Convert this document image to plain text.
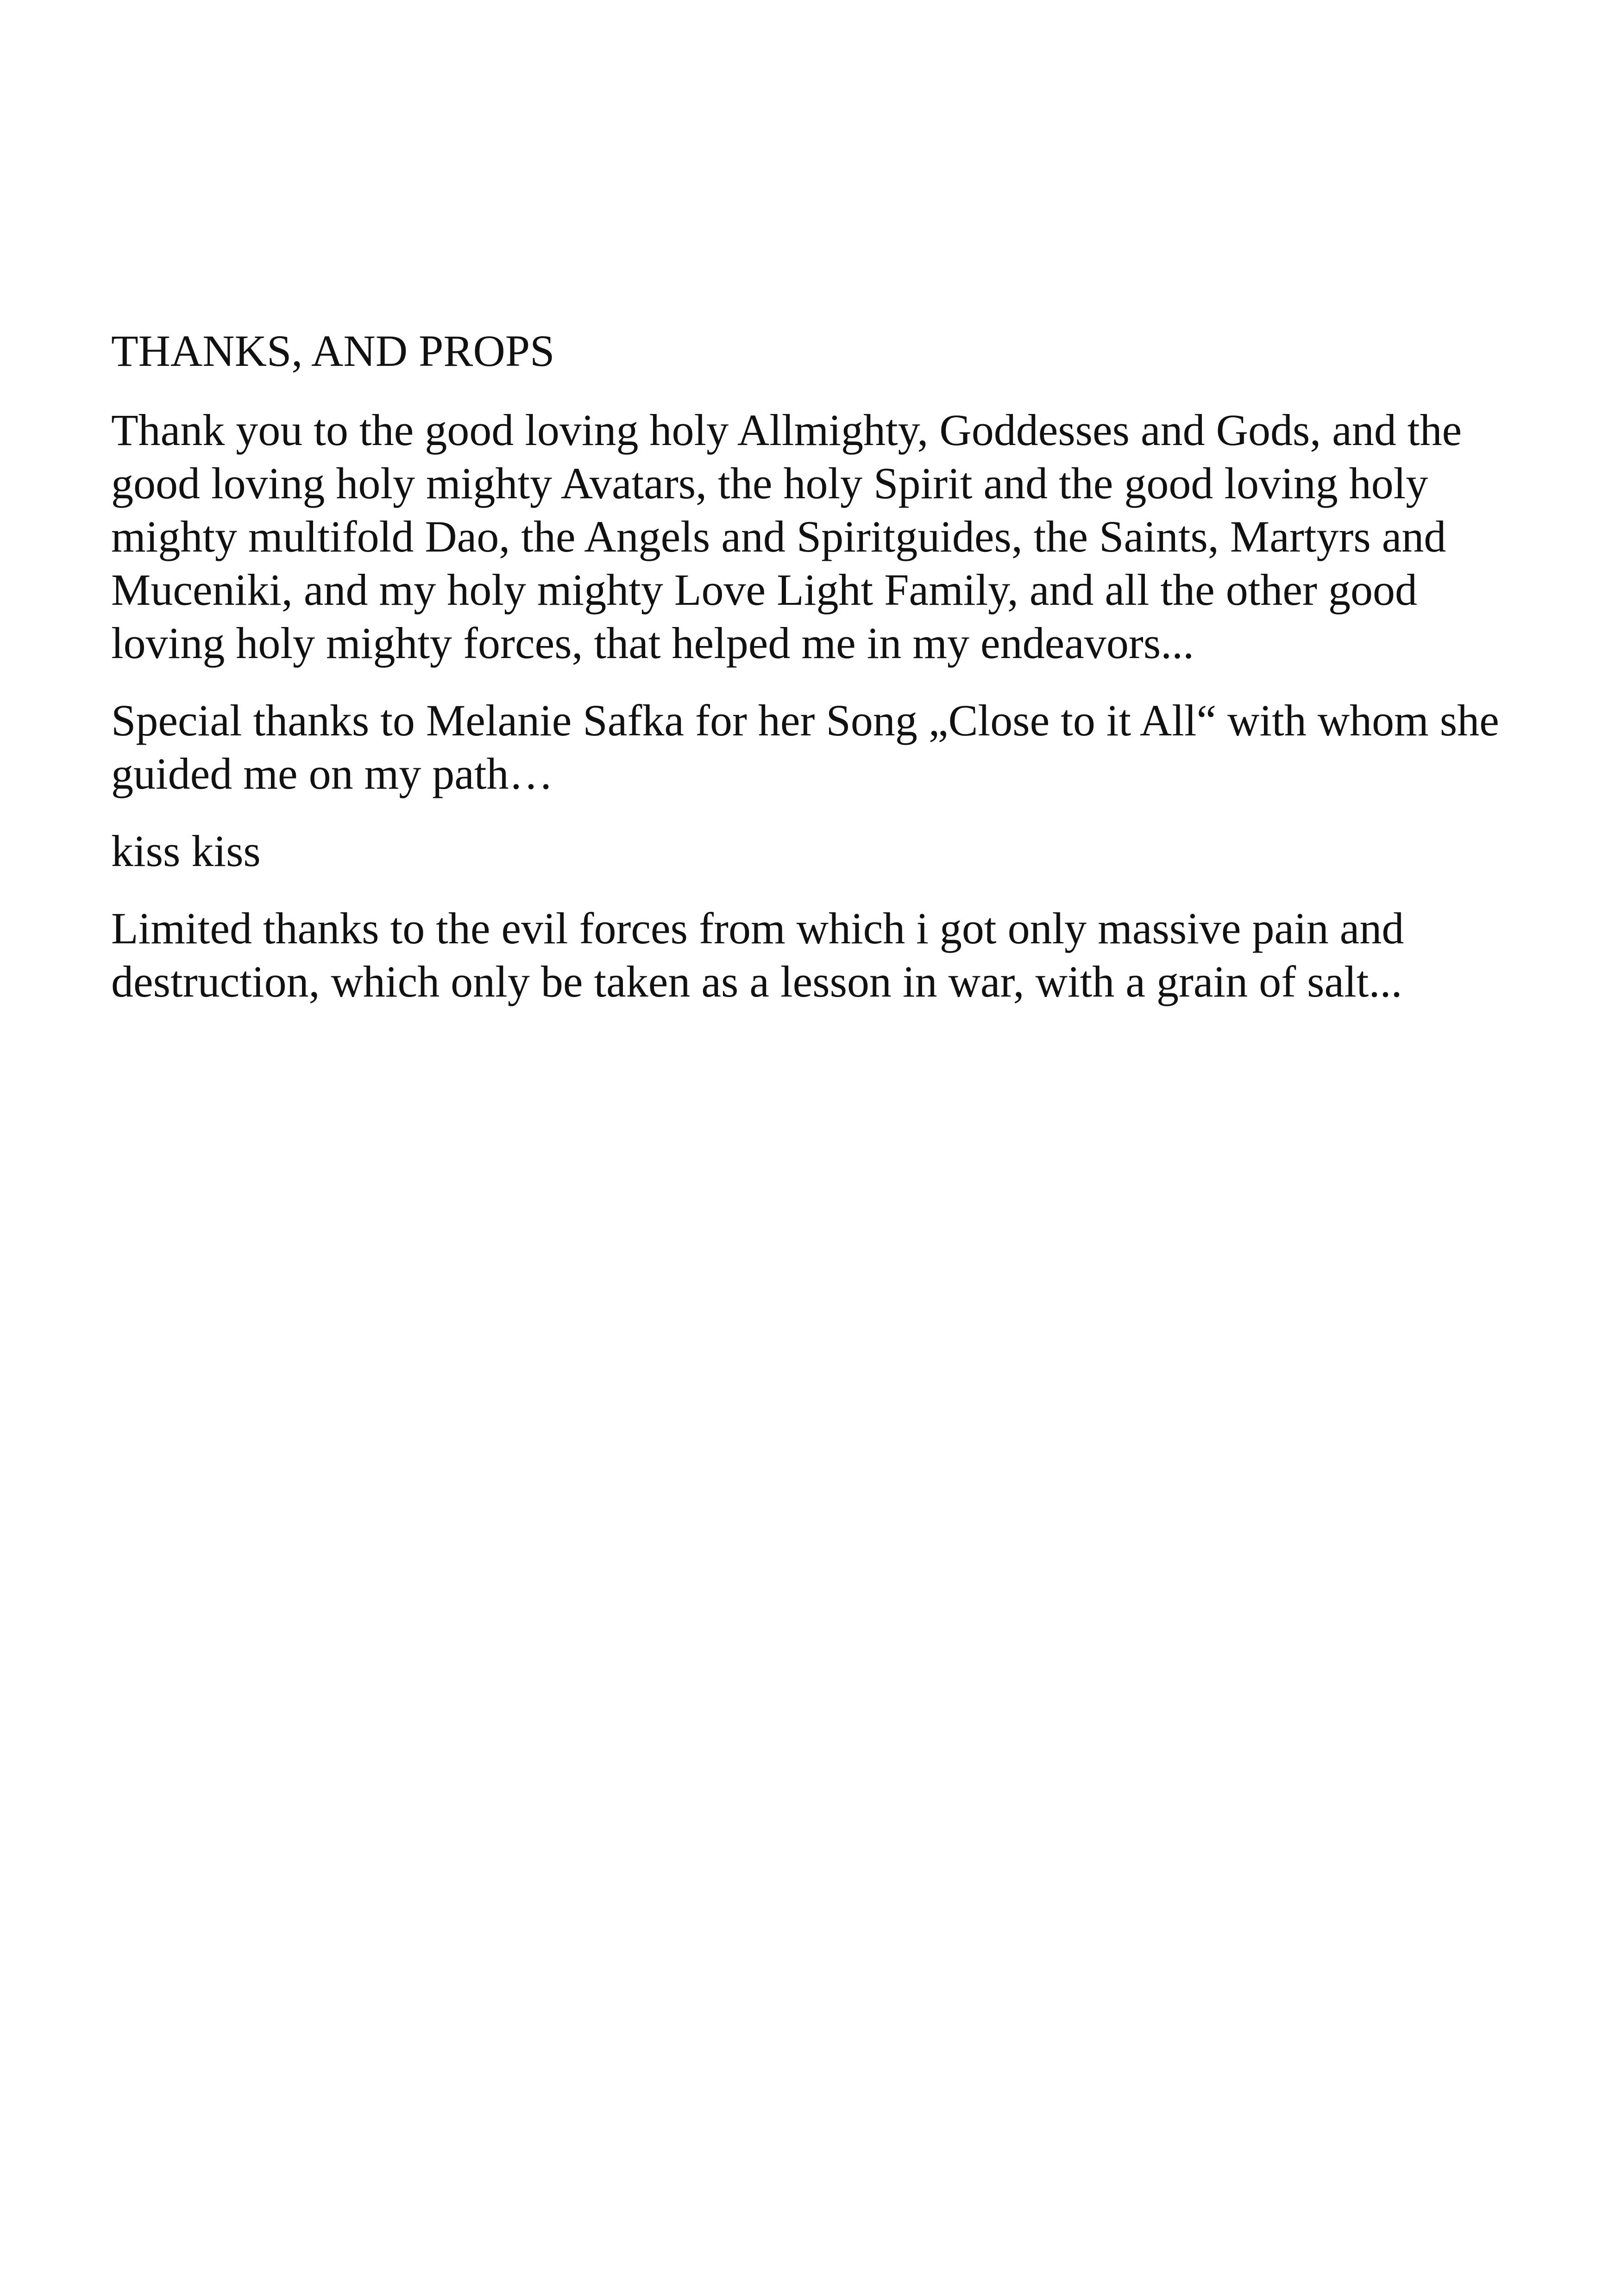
THANKS, AND PROPS

Thank you to the good loving holy Allmighty, Goddesses and Gods, and the good loving holy mighty Avatars, the holy Spirit and the good loving holy mighty multifold Dao, the Angels and Spiritguides, the Saints, Martyrs and Muceniki, and my holy mighty Love Light Family, and all the other good loving holy mighty forces, that helped me in my endeavors...

Special thanks to Melanie Safka for her Song „Close to it All“ with whom she guided me on my path…

kiss kiss

Limited thanks to the evil forces from which i got only massive pain and destruction, which only be taken as a lesson in war, with a grain of salt...
